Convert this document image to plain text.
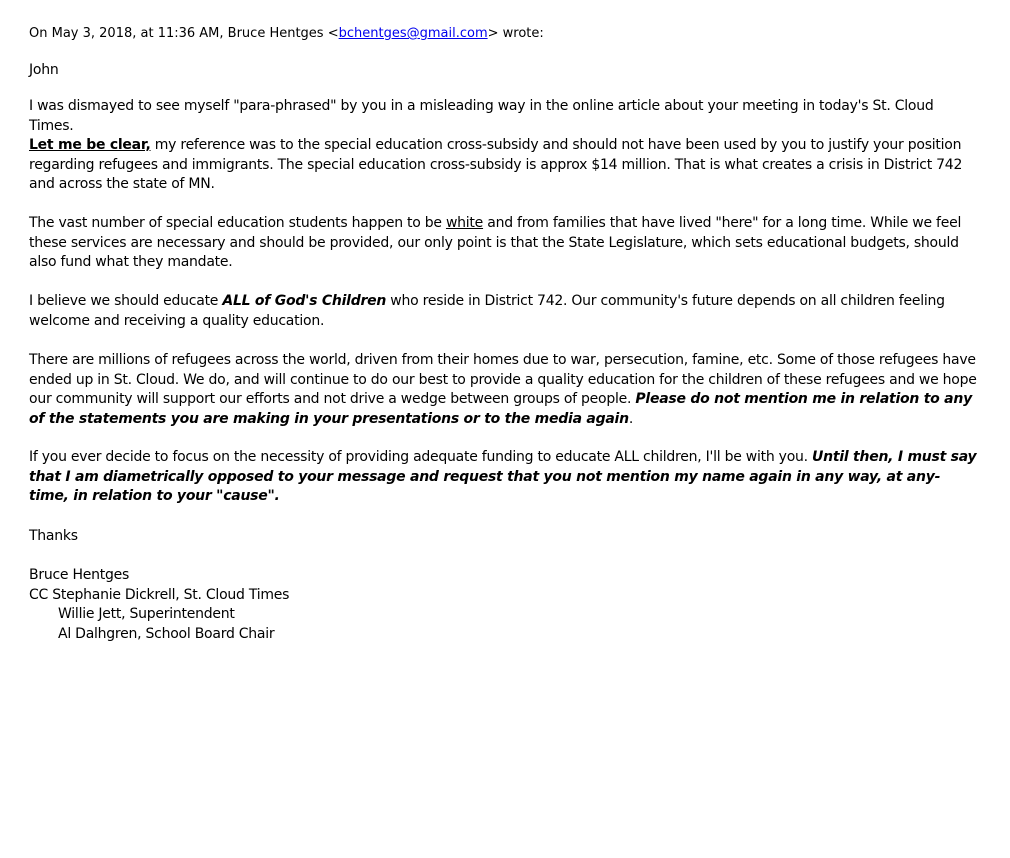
On May 3, 2018, at 11:36 AM, Bruce Hentges <bchentges@gmail.com> wrote:
John
I was dismayed to see myself "para-phrased" by you in a misleading way in the online article about your meeting in today's St. Cloud Times.
Let me be clear, my reference was to the special education cross-subsidy and should not have been used by you to justify your position regarding refugees and immigrants. The special education cross-subsidy is approx $14 million. That is what creates a crisis in District 742 and across the state of MN.
The vast number of special education students happen to be white and from families that have lived "here" for a long time. While we feel these services are necessary and should be provided, our only point is that the State Legislature, which sets educational budgets, should also fund what they mandate.
I believe we should educate ALL of God's Children who reside in District 742. Our community's future depends on all children feeling welcome and receiving a quality education.
There are millions of refugees across the world, driven from their homes due to war, persecution, famine, etc. Some of those refugees have ended up in St. Cloud. We do, and will continue to do our best to provide a quality education for the children of these refugees and we hope our community will support our efforts and not drive a wedge between groups of people. Please do not mention me in relation to any of the statements you are making in your presentations or to the media again.
If you ever decide to focus on the necessity of providing adequate funding to educate ALL children, I'll be with you. Until then, I must say that I am diametrically opposed to your message and request that you not mention my name again in any way, at any-time, in relation to your "cause".
Thanks
Bruce Hentges
CC Stephanie Dickrell, St. Cloud Times
Willie Jett, Superintendent
Al Dalhgren, School Board Chair
